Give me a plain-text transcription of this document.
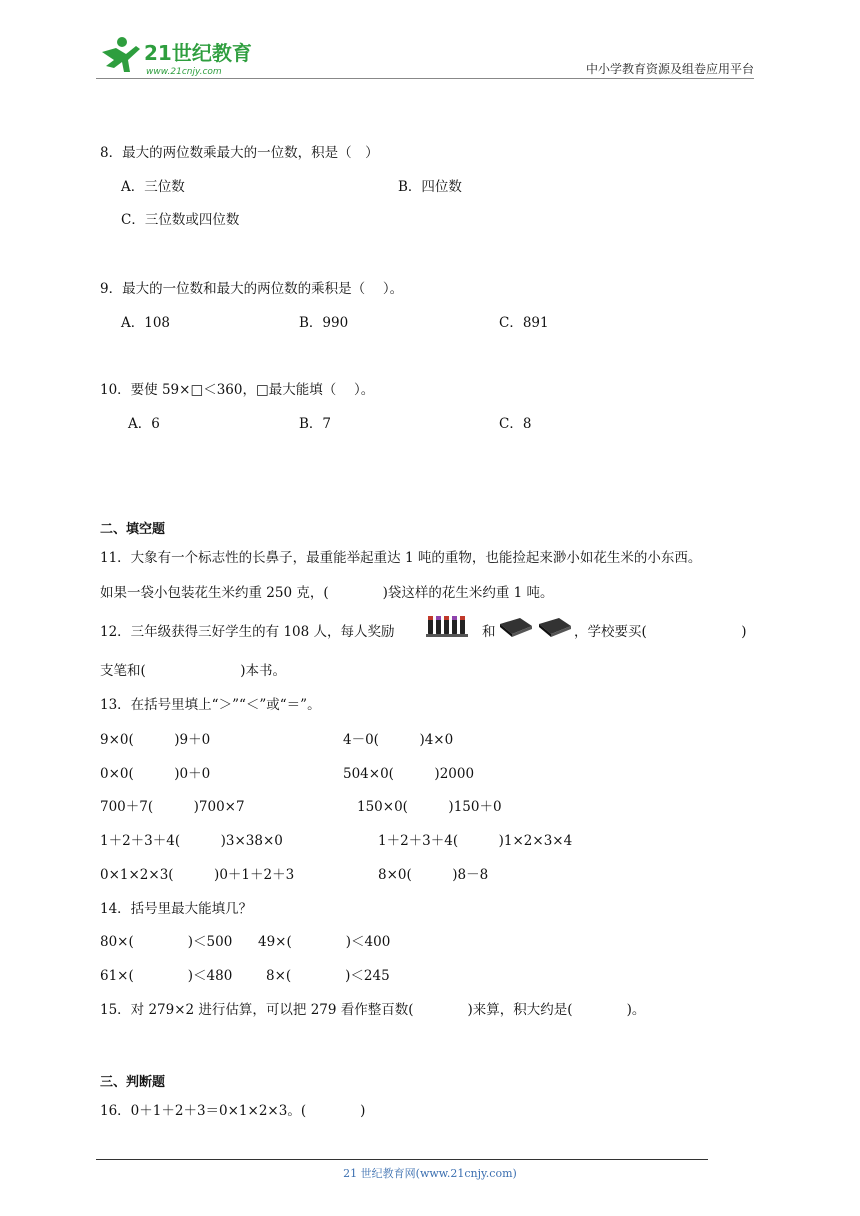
21世纪教育
www.21cnjy.com	中小学教育资源及组卷应用平台
8．最大的两位数乘最大的一位数，积是（　）
A．三位数	B．四位数
C．三位数或四位数
9．最大的一位数和最大的两位数的乘积是（　 ）。
A．108	B．990	C．891
10．要使 59×□＜360，□最大能填（　 ）。
A．6	B．7	C．8
二、填空题
11．大象有一个标志性的长鼻子，最重能举起重达 1 吨的重物，也能捡起来渺小如花生米的小东西。
如果一袋小包装花生米约重 250 克，(　　　　)袋这样的花生米约重 1 吨。
12．三年级获得三好学生的有 108 人，每人奖励	和	，学校要买(　　　　　　　)
支笔和(　　　　　　　)本书。
13．在括号里填上“＞”“＜”或“＝”。
9×0(　　　)9＋0	4－0(　　　)4×0
0×0(　　　)0＋0	504×0(　　　)2000
700＋7(　　　)700×7	150×0(　　　)150＋0
1＋2＋3＋4(　　　)3×38×0	1＋2＋3＋4(　　　)1×2×3×4
0×1×2×3(　　　)0＋1＋2＋3	8×0(　　　)8－8
14．括号里最大能填几？
80×(　　　　)＜500 49×(　　　　)＜400
61×(　　　　)＜480 8×(　　　　)＜245
15．对 279×2 进行估算，可以把 279 看作整百数(　　　　)来算，积大约是(　　　　)。
三、判断题
16．0＋1＋2＋3＝0×1×2×3。(　　　　)
21 世纪教育网(www.21cnjy.com)
